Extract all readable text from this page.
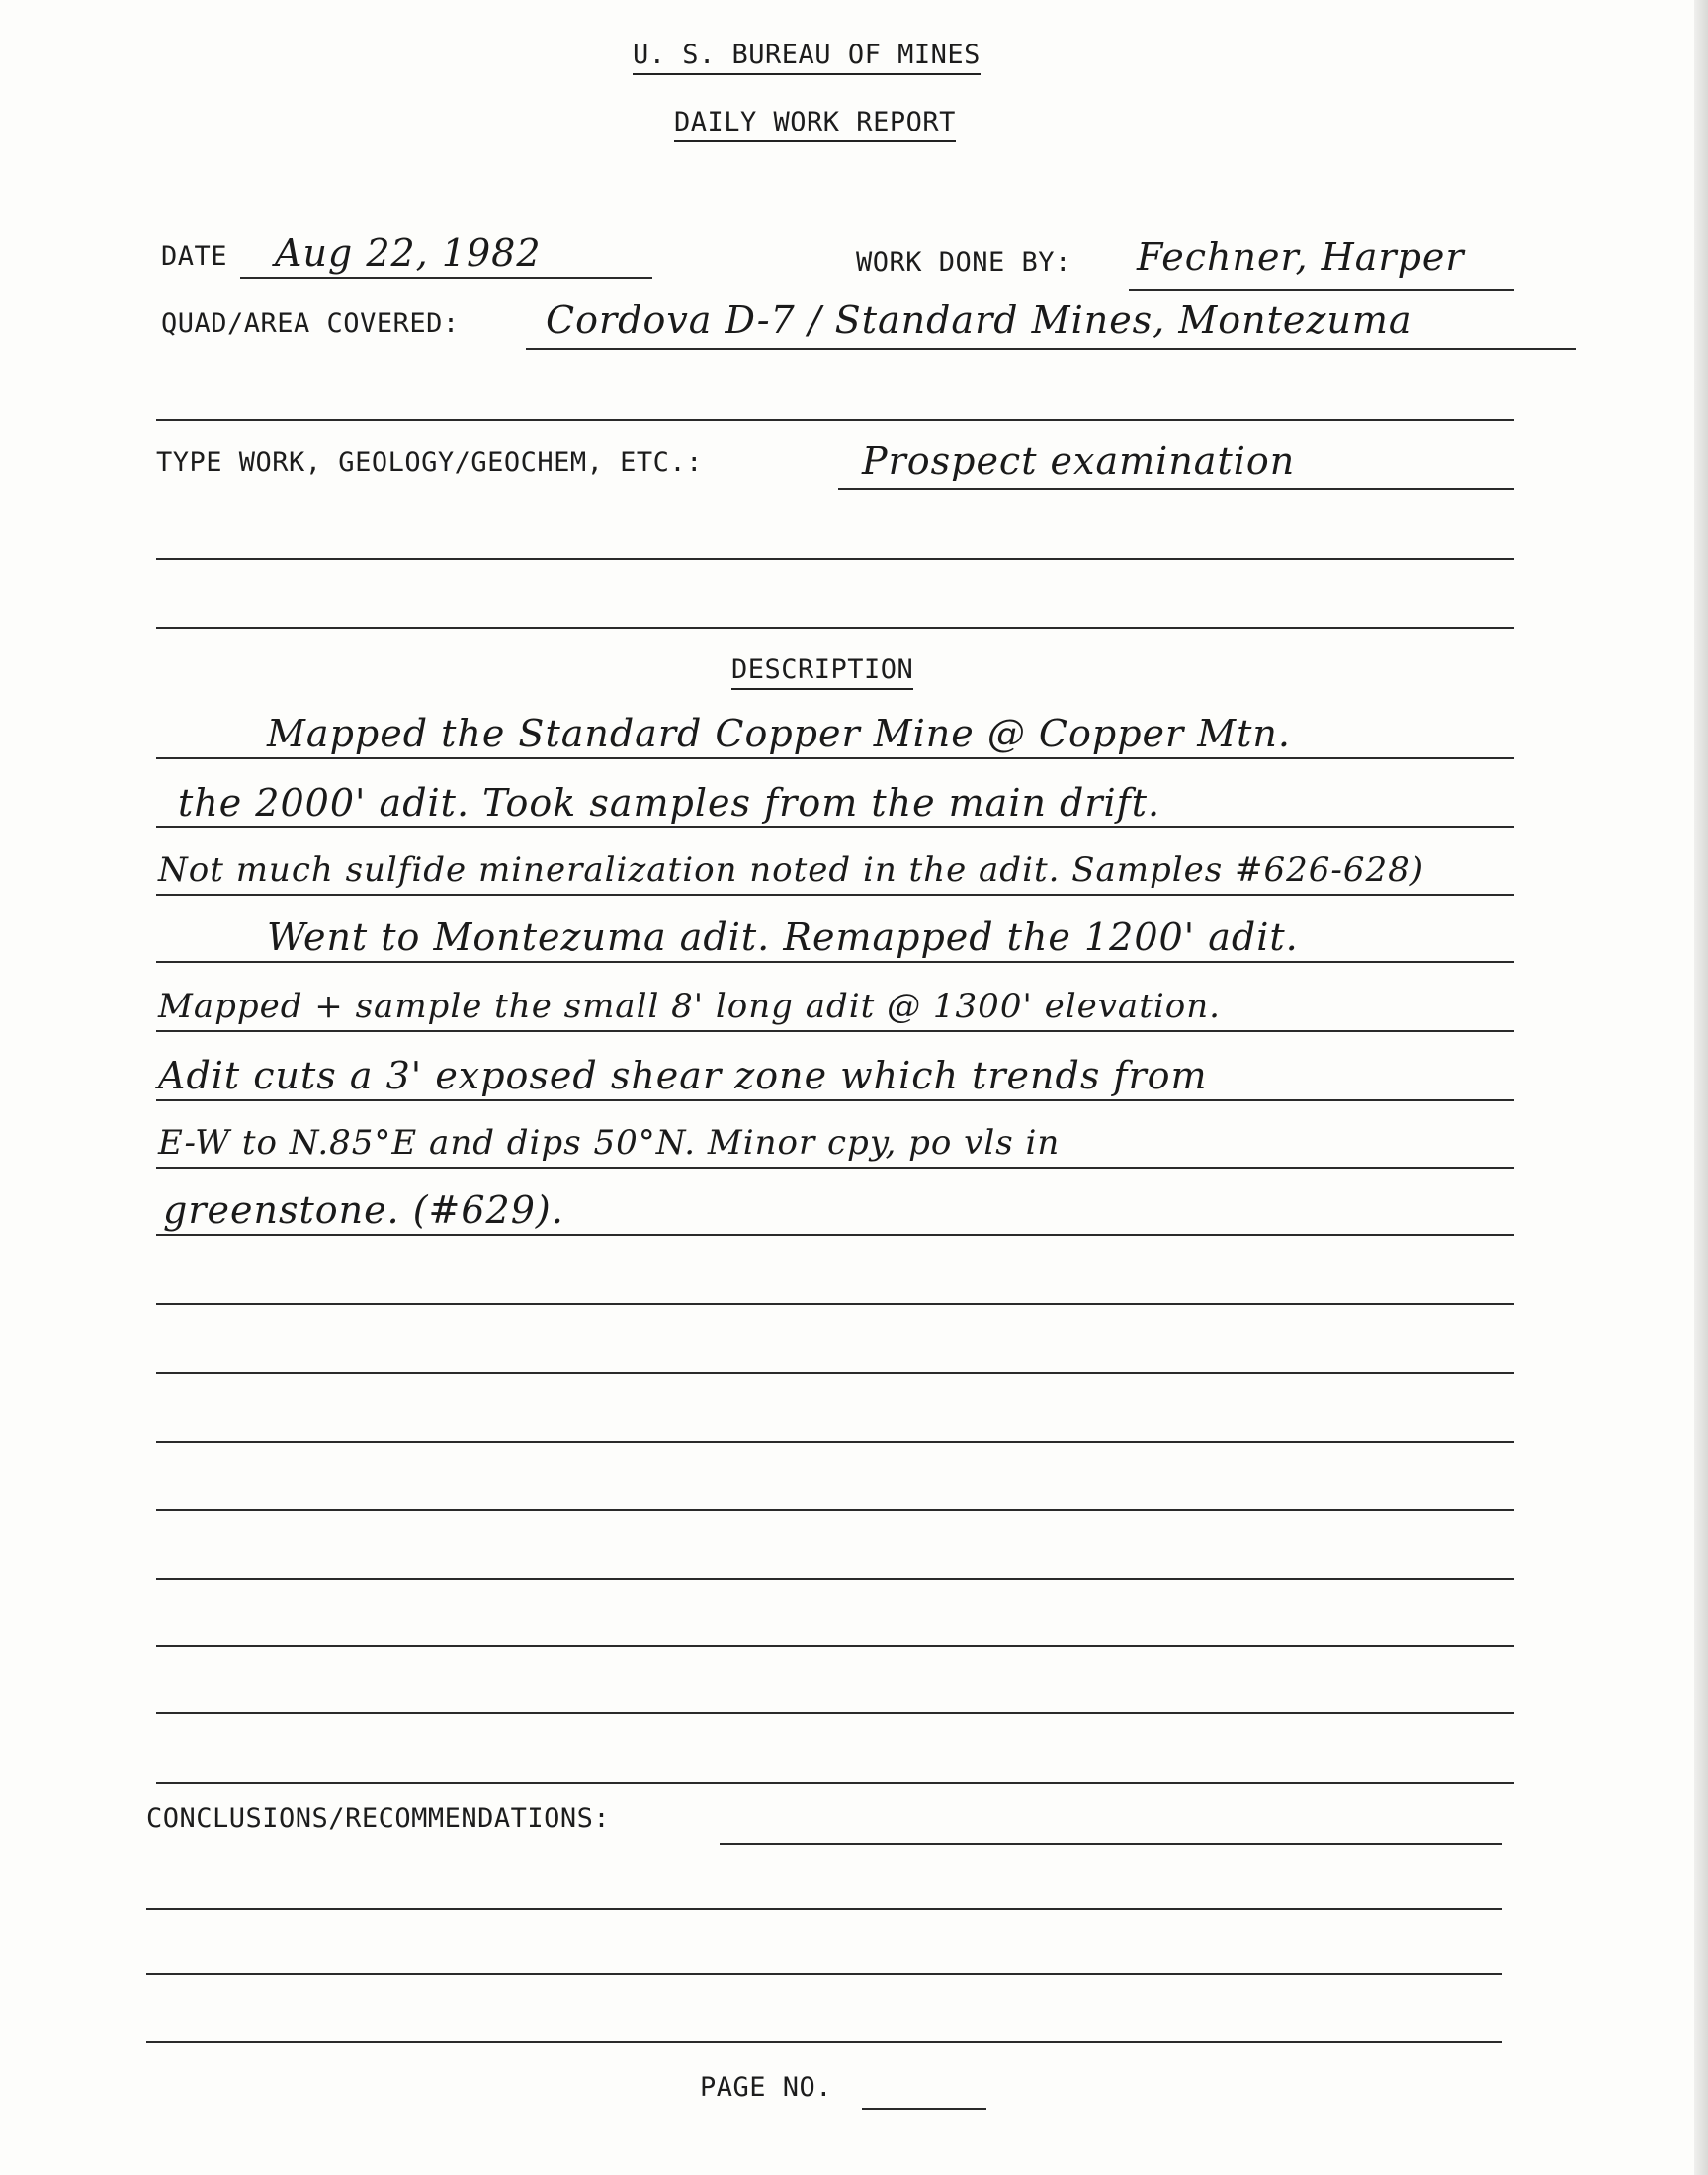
U. S. BUREAU OF MINES
DAILY WORK REPORT
DATE Aug 22, 1982	WORK DONE BY: Fechner, Harper
QUAD/AREA COVERED: Cordova D-7 / Standard Mines, Montezuma
TYPE WORK, GEOLOGY/GEOCHEM, ETC.:	Prospect examination
DESCRIPTION
Mapped the Standard Copper Mine @ Copper Mtn.
the 2000' adit. Took samples from the main drift.
Not much sulfide mineralization noted in the adit. Samples #626-628)
Went to Montezuma adit. Remapped the 1200' adit.
Mapped + sample the small 8' long adit @ 1300' elevation.
Adit cuts a 3' exposed shear zone which trends from
E-W to N.85°E and dips 50°N. Minor cpy, po vls in
greenstone. (#629).
CONCLUSIONS/RECOMMENDATIONS:
PAGE NO.
